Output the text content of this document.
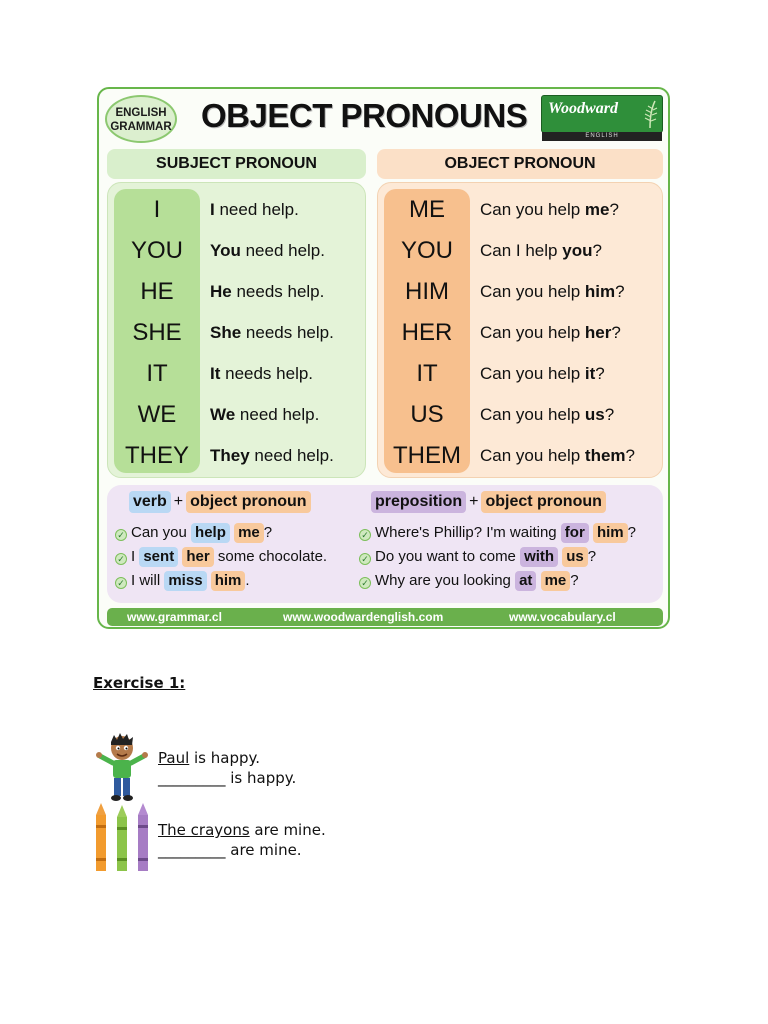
ENGLISH
GRAMMAR OBJECT PRONOUNS Woodward
ENGLISH
SUBJECT PRONOUN	OBJECT PRONOUN
I	I need help.
YOU	You need help.
HE	He needs help.
SHE	She needs help.
IT	It needs help.
WE	We need help.
THEY	They need help.
ME	Can you help me?
YOU	Can I help you?
HIM	Can you help him?
HER	Can you help her?
IT	Can you help it?
US	Can you help us?
THEM	Can you help them?
verb + object pronoun	preposition + object pronoun
✓ Can you help me ?
✓ I sent her some chocolate.
✓ I will miss him .
✓ Where's Phillip? I'm waiting for him ?
✓ Do you want to come with us ?
✓ Why are you looking at me ?
www.grammar.cl	www.woodwardenglish.com	www.vocabulary.cl
Exercise 1:
Paul is happy.
_________ is happy.
The crayons are mine.
_________ are mine.
